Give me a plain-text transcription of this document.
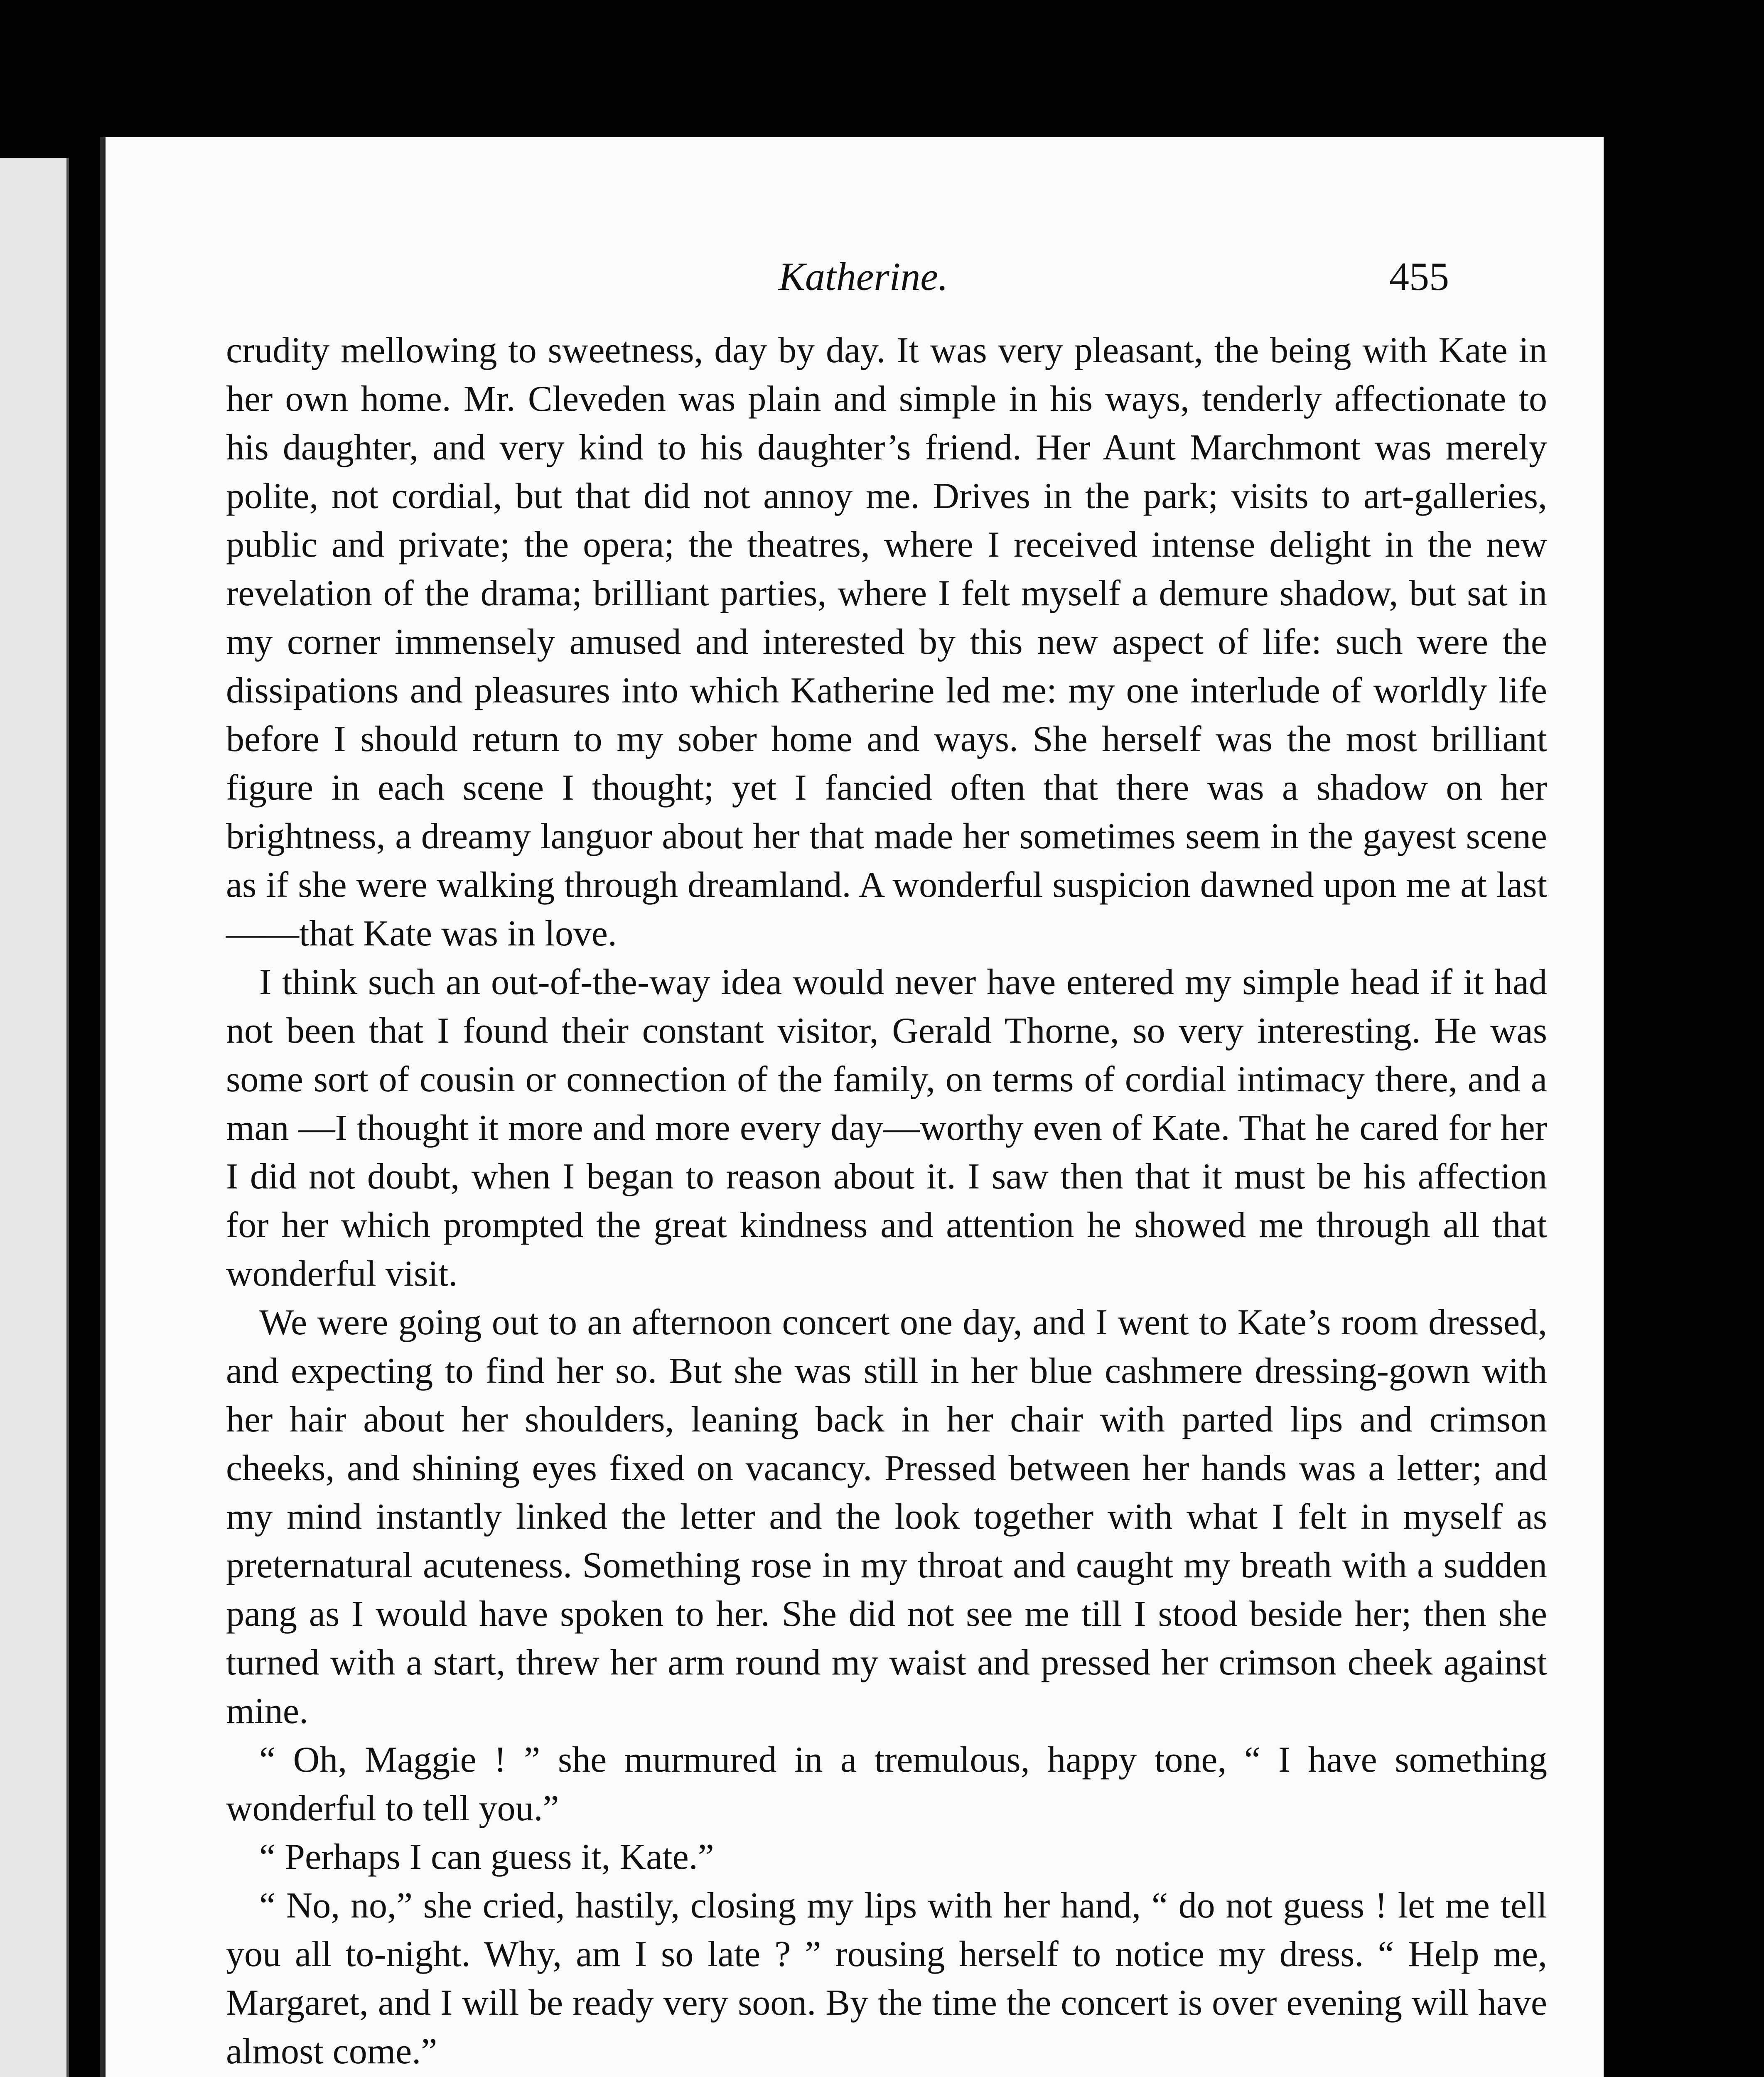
Katherine.	455

crudity mellowing to sweetness, day by day. It was very pleasant, the being with Kate in her own home. Mr. Cleveden was plain and simple in his ways, tenderly affectionate to his daughter, and very kind to his daughter’s friend. Her Aunt Marchmont was merely polite, not cordial, but that did not annoy me. Drives in the park; visits to art-galleries, public and private; the opera; the theatres, where I received intense delight in the new revelation of the drama; brilliant parties, where I felt myself a demure shadow, but sat in my corner immensely amused and interested by this new aspect of life: such were the dissipations and pleasures into which Katherine led me: my one interlude of worldly life before I should return to my sober home and ways. She herself was the most brilliant figure in each scene I thought; yet I fancied often that there was a shadow on her brightness, a dreamy languor about her that made her sometimes seem in the gayest scene as if she were walking through dreamland. A wonderful suspicion dawned upon me at last——that Kate was in love.

I think such an out-of-the-way idea would never have entered my simple head if it had not been that I found their constant visitor, Gerald Thorne, so very interesting. He was some sort of cousin or connection of the family, on terms of cordial intimacy there, and a man —I thought it more and more every day—worthy even of Kate. That he cared for her I did not doubt, when I began to reason about it. I saw then that it must be his affection for her which prompted the great kindness and attention he showed me through all that wonderful visit.

We were going out to an afternoon concert one day, and I went to Kate’s room dressed, and expecting to find her so. But she was still in her blue cashmere dressing-gown with her hair about her shoulders, leaning back in her chair with parted lips and crimson cheeks, and shining eyes fixed on vacancy. Pressed between her hands was a letter; and my mind instantly linked the letter and the look together with what I felt in myself as preternatural acuteness. Something rose in my throat and caught my breath with a sudden pang as I would have spoken to her. She did not see me till I stood beside her; then she turned with a start, threw her arm round my waist and pressed her crimson cheek against mine.

“ Oh, Maggie ! ” she murmured in a tremulous, happy tone, “ I have something wonderful to tell you.”

“ Perhaps I can guess it, Kate.”

“ No, no,” she cried, hastily, closing my lips with her hand, “ do not guess ! let me tell you all to-night. Why, am I so late ? ” rousing herself to notice my dress. “ Help me, Margaret, and I will be ready very soon. By the time the concert is over evening will have almost come.”
